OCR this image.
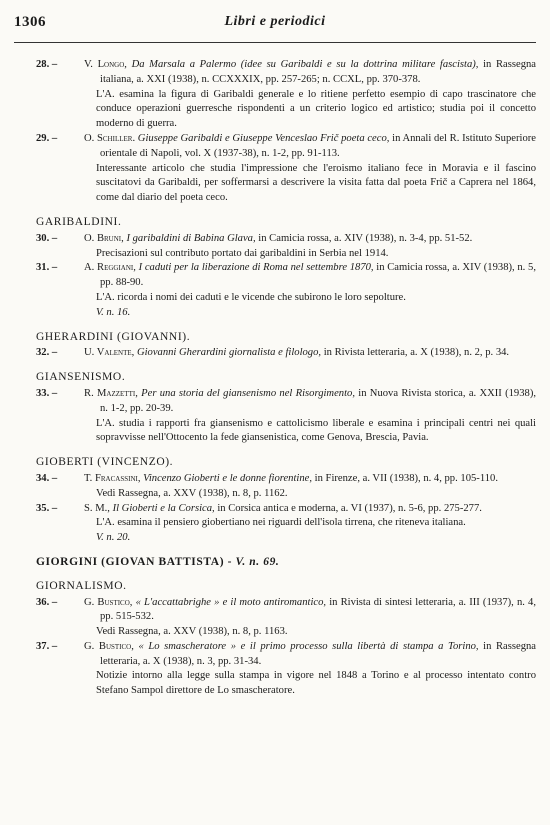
1306	Libri e periodici
28. –	V. Longo, Da Marsala a Palermo (idee su Garibaldi e su la dottrina militare fascista), in Rassegna italiana, a. XXI (1938), n. CCXXXIX, pp. 257-265; n. CCXL, pp. 370-378.
L'A. esamina la figura di Garibaldi generale e lo ritiene perfetto esempio di capo trascinatore che conduce operazioni guerresche rispondenti a un criterio logico ed artistico; studia poi il concetto moderno di guerra.
29. –	O. Schiller. Giuseppe Garibaldi e Giuseppe Venceslao Frič poeta ceco, in Annali del R. Istituto Superiore orientale di Napoli, vol. X (1937-38), n. 1-2, pp. 91-113.
Interessante articolo che studia l'impressione che l'eroismo italiano fece in Moravia e il fascino suscitatovi da Garibaldi, per soffermarsi a descrivere la visita fatta dal poeta Frič a Caprera nel 1864, come dal diario del poeta ceco.
GARIBALDINI.
30. –	O. Bruni, I garibaldini di Babina Glava, in Camicia rossa, a. XIV (1938), n. 3-4, pp. 51-52.
Precisazioni sul contributo portato dai garibaldini in Serbia nel 1914.
31. –	A. Reggiani, I caduti per la liberazione di Roma nel settembre 1870, in Camicia rossa, a. XIV (1938), n. 5, pp. 88-90.
L'A. ricorda i nomi dei caduti e le vicende che subirono le loro sepolture.
V. n. 16.
GHERARDINI (GIOVANNI).
32. –	U. Valente, Giovanni Gherardini giornalista e filologo, in Rivista letteraria, a. X (1938), n. 2, p. 34.
GIANSENISMO.
33. –	R. Mazzetti, Per una storia del giansenismo nel Risorgimento, in Nuova Rivista storica, a. XXII (1938), n. 1-2, pp. 20-39.
L'A. studia i rapporti fra giansenismo e cattolicismo liberale e esamina i principali centri nei quali sopravvisse nell'Ottocento la fede giansenistica, come Genova, Brescia, Pavia.
GIOBERTI (VINCENZO).
34. –	T. Fracassini, Vincenzo Gioberti e le donne fiorentine, in Firenze, a. VII (1938), n. 4, pp. 105-110.
Vedi Rassegna, a. XXV (1938), n. 8, p. 1162.
35. –	S. M., Il Gioberti e la Corsica, in Corsica antica e moderna, a. VI (1937), n. 5-6, pp. 275-277.
L'A. esamina il pensiero giobertiano nei riguardi dell'isola tirrena, che riteneva italiana.
V. n. 20.
GIORGINI (GIOVAN BATTISTA) - V. n. 69.
GIORNALISMO.
36. –	G. Bustico, « L'accattabrighe » e il moto antiromantico, in Rivista di sintesi letteraria, a. III (1937), n. 4, pp. 515-532.
Vedi Rassegna, a. XXV (1938), n. 8, p. 1163.
37. –	G. Bustico, « Lo smascheratore » e il primo processo sulla libertà di stampa a Torino, in Rassegna letteraria, a. X (1938), n. 3, pp. 31-34.
Notizie intorno alla legge sulla stampa in vigore nel 1848 a Torino e al processo intentato contro Stefano Sampol direttore de Lo smascheratore.
